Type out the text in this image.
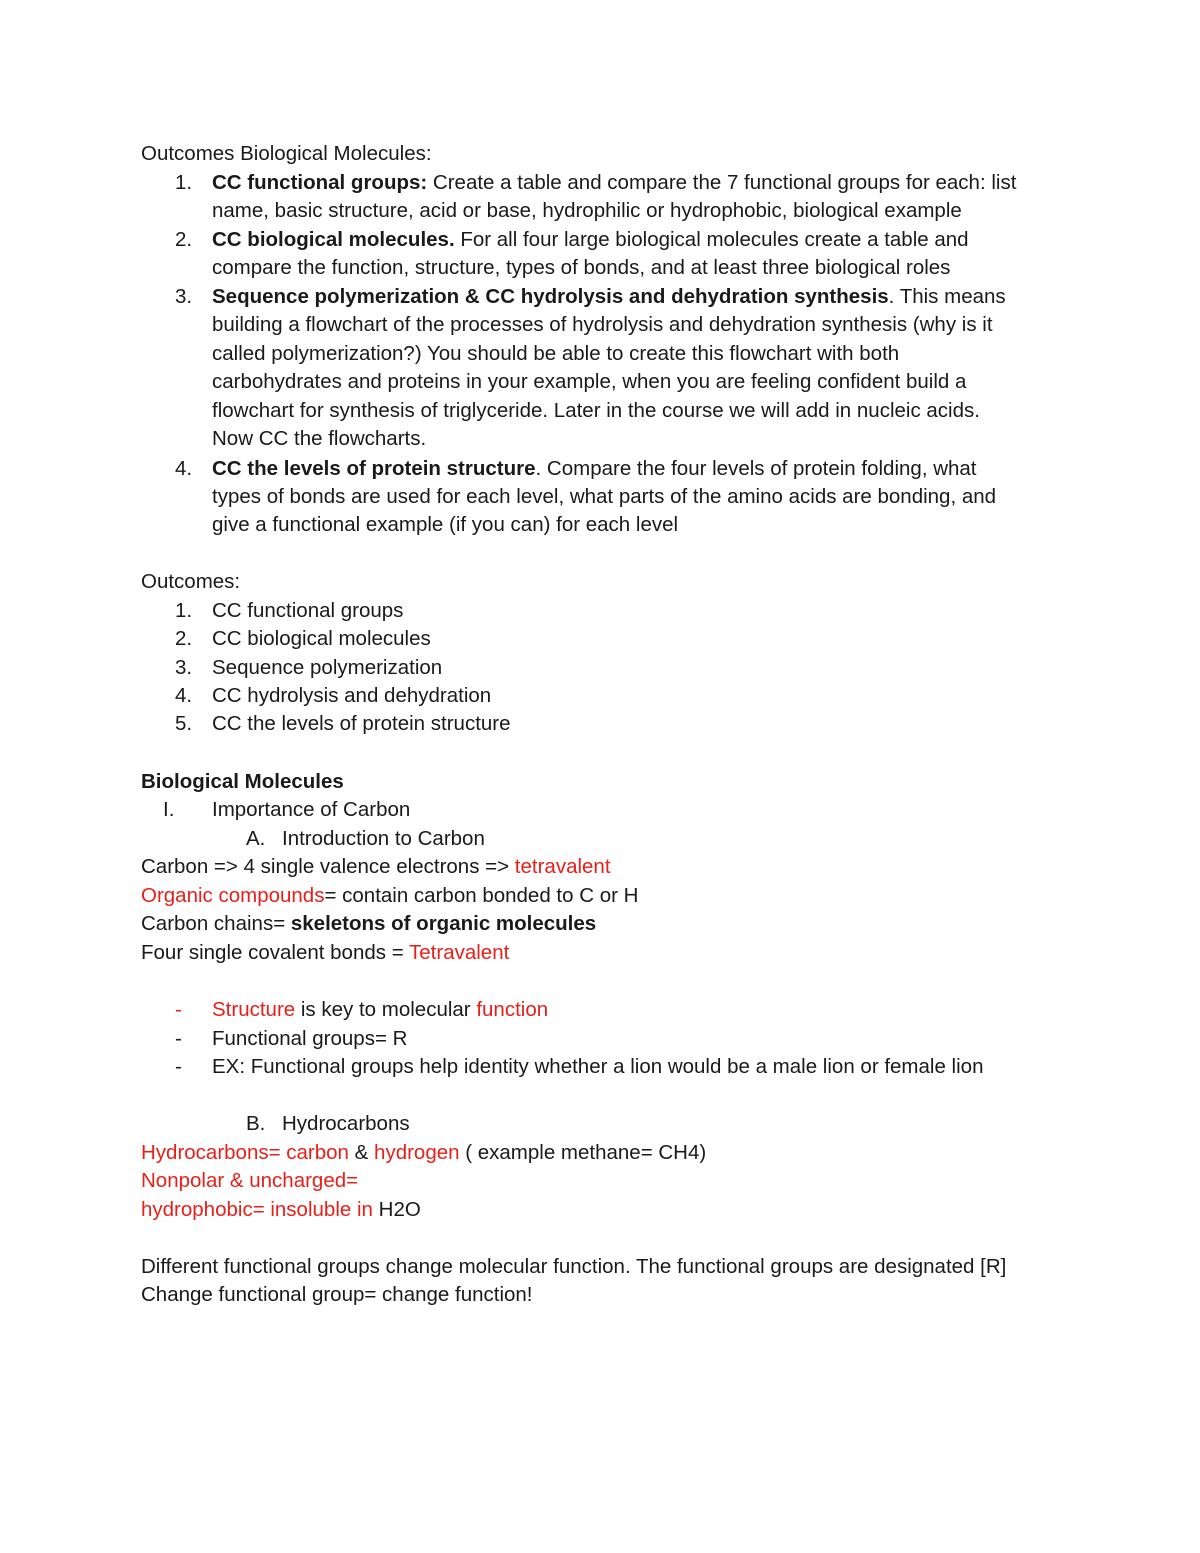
Outcomes Biological Molecules:
1. CC functional groups: Create a table and compare the 7 functional groups for each: list
name, basic structure, acid or base, hydrophilic or hydrophobic, biological example
2. CC biological molecules. For all four large biological molecules create a table and
compare the function, structure, types of bonds, and at least three biological roles
3. Sequence polymerization & CC hydrolysis and dehydration synthesis. This means
building a flowchart of the processes of hydrolysis and dehydration synthesis (why is it
called polymerization?) You should be able to create this flowchart with both
carbohydrates and proteins in your example, when you are feeling confident build a
flowchart for synthesis of triglyceride. Later in the course we will add in nucleic acids.
Now CC the flowcharts.
4. CC the levels of protein structure. Compare the four levels of protein folding, what
types of bonds are used for each level, what parts of the amino acids are bonding, and
give a functional example (if you can) for each level
Outcomes:
1. CC functional groups
2. CC biological molecules
3. Sequence polymerization
4. CC hydrolysis and dehydration
5. CC the levels of protein structure
Biological Molecules
I.	Importance of Carbon
A. Introduction to Carbon
Carbon => 4 single valence electrons => tetravalent
Organic compounds= contain carbon bonded to C or H
Carbon chains= skeletons of organic molecules
Four single covalent bonds = Tetravalent
- Structure is key to molecular function
- Functional groups= R
- EX: Functional groups help identity whether a lion would be a male lion or female lion
B. Hydrocarbons
Hydrocarbons= carbon & hydrogen ( example methane= CH4)
Nonpolar & uncharged=
hydrophobic= insoluble in H2O
Different functional groups change molecular function. The functional groups are designated [R]
Change functional group= change function!
